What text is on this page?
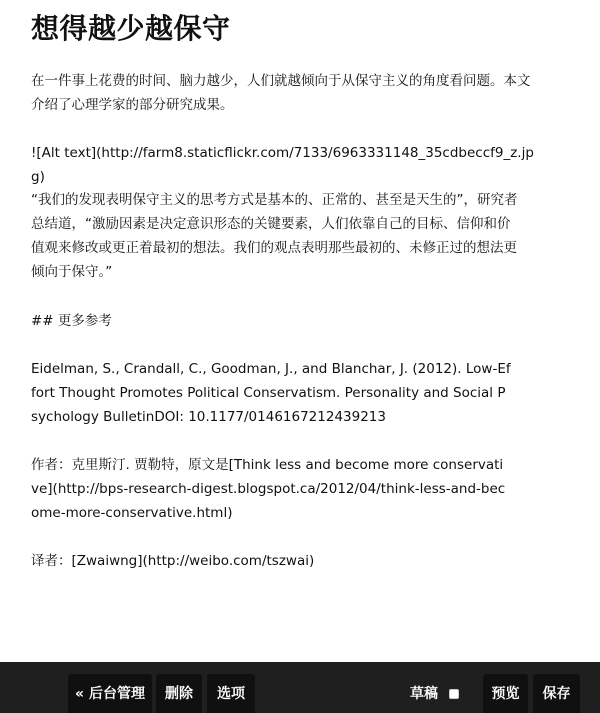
想得越少越保守

在一件事上花费的时间、脑力越少，人们就越倾向于从保守主义的角度看问题。本文介绍了心理学家的部分研究成果。

![Alt text](http://farm8.staticflickr.com/7133/6963331148_35cdbeccf9_z.jpg)

“我们的发现表明保守主义的思考方式是基本的、正常的、甚至是天生的”，研究者总结道，“激励因素是决定意识形态的关键要素，人们依靠自己的目标、信仰和价值观来修改或更正着最初的想法。我们的观点表明那些最初的、未修正过的想法更倾向于保守。”

## 更多参考

Eidelman, S., Crandall, C., Goodman, J., and Blanchar, J. (2012). Low-Effort Thought Promotes Political Conservatism. Personality and Social Psychology BulletinDOI: 10.1177/0146167212439213

作者：克里斯汀. 贾勒特，原文是[Think less and become more conservative](http://bps-research-digest.blogspot.ca/2012/04/think-less-and-become-more-conservative.html)

译者：[Zwaiwng](http://weibo.com/tszwai)

« 后台管理	删除	选项	草稿	预览	保存
